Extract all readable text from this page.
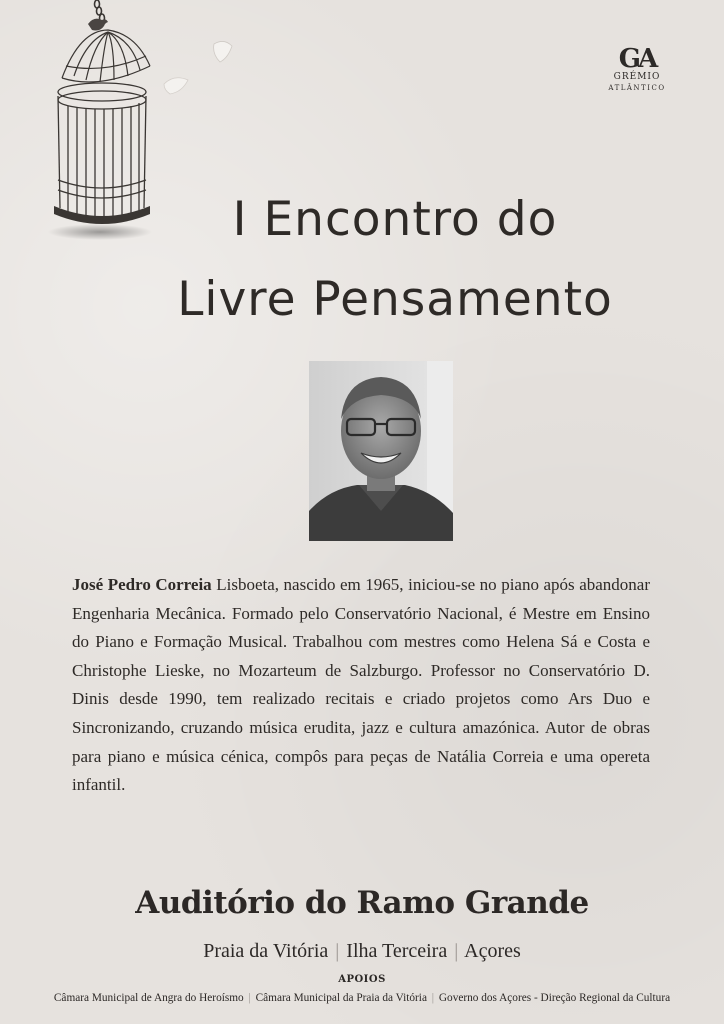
GA
GRÉMIO
ATLÂNTICO
I Encontro do
Livre Pensamento

José Pedro Correia Lisboeta, nascido em 1965, iniciou-se no piano após abandonar Engenharia Mecânica. Formado pelo Conservatório Nacional, é Mestre em Ensino do Piano e Formação Musical. Trabalhou com mestres como Helena Sá e Costa e Christophe Lieske, no Mozarteum de Salzburgo. Professor no Conservatório D. Dinis desde 1990, tem realizado recitais e criado projetos como Ars Duo e Sincronizando, cruzando música erudita, jazz e cultura amazónica. Autor de obras para piano e música cénica, compôs para peças de Natália Correia e uma opereta infantil.

Auditório do Ramo Grande
Praia da Vitória | Ilha Terceira | Açores
APOIOS
Câmara Municipal de Angra do Heroísmo | Câmara Municipal da Praia da Vitória | Governo dos Açores - Direção Regional da Cultura
